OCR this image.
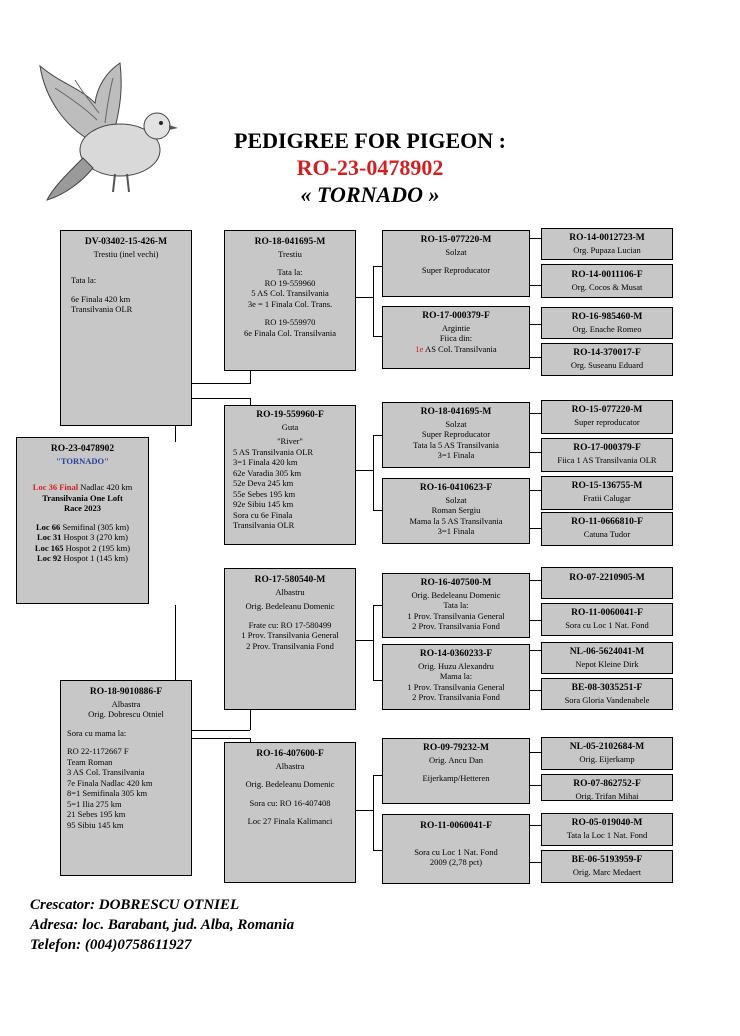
PEDIGREE FOR PIGEON :
RO-23-0478902
« TORNADO »
DV-03402-15-426-M
Trestiu (inel vechi)
Tata la:
6e Finala 420 km
Transilvania OLR
RO-23-0478902
"TORNADO"
Loc 36 Final Nadlac 420 km
Transilvania One Loft
Race 2023
Loc 66 Semifinal (305 km)
Loc 31 Hospot 3 (270 km)
Loc 165 Hospot 2 (195 km)
Loc 92 Hospot 1 (145 km)
RO-18-9010886-F
Albastra
Orig. Dobrescu Otniel
Sora cu mama la:
RO 22-1172667 F
Team Roman
3 AS Col. Transilvania
7e Finala Nadlac 420 km
8=1 Semifinala 305 km
5=1 Ilia 275 km
21 Sebes 195 km
95 Sibiu 145 km
RO-18-041695-M
Trestiu
Tata la:
RO 19-559960
5 AS Col. Transilvania
3e = 1 Finala Col. Trans.
RO 19-559970
6e Finala Col. Transilvania
RO-19-559960-F
Guta
"River"
5 AS Transilvania OLR
3=1 Finala 420 km
62e Varadia 305 km
52e Deva 245 km
55e Sebes 195 km
92e Sibiu 145 km
Sora cu 6e Finala
Transilvania OLR
RO-17-580540-M
Albastru
Orig. Bedeleanu Domenic
Frate cu: RO 17-580499
1 Prov. Transilvania General
2 Prov. Transilvania Fond
RO-16-407600-F
Albastra
Orig. Bedeleanu Domenic
Sora cu: RO 16-407408
Loc 27 Finala Kalimanci
RO-15-077220-M
Solzat
Super Reproducator
RO-17-000379-F
Argintie
Fiica din:
1e AS Col. Transilvania
RO-18-041695-M
Solzat
Super Reproducator
Tata la 5 AS Transilvania
3=1 Finala
RO-16-0410623-F
Solzat
Roman Sergiu
Mama la 5 AS Transilvania
3=1 Finala
RO-16-407500-M
Orig. Bedeleanu Domenic
Tata la:
1 Prov. Transilvania General
2 Prov. Transilvania Fond
RO-14-0360233-F
Orig. Huzu Alexandru
Mama la:
1 Prov. Transilvania General
2 Prov. Transilvania Fond
RO-09-79232-M
Orig. Ancu Dan
Eijerkamp/Hetteren
RO-11-0060041-F
Sora cu Loc 1 Nat. Fond
2009 (2,78 pct)
RO-14-0012723-M
Org. Pupaza Lucian
RO-14-0011106-F
Org. Cocos & Musat
RO-16-985460-M
Org. Enache Romeo
RO-14-370017-F
Org. Suseanu Eduard
RO-15-077220-M
Super reproducator
RO-17-000379-F
Fiica 1 AS Transilvania OLR
RO-15-136755-M
Fratii Calugar
RO-11-0666810-F
Catuna Tudor
RO-07-2210905-M
RO-11-0060041-F
Sora cu Loc 1 Nat. Fond
NL-06-5624041-M
Nepot Kleine Dirk
BE-08-3035251-F
Sora Gloria Vandenabele
NL-05-2102684-M
Orig. Eijerkamp
RO-07-862752-F
Orig. Trifan Mihai
RO-05-019040-M
Tata la Loc 1 Nat. Fond
BE-06-5193959-F
Orig. Marc Medaert
Crescator: DOBRESCU OTNIEL
Adresa: loc. Barabant, jud. Alba, Romania
Telefon: (004)0758611927
